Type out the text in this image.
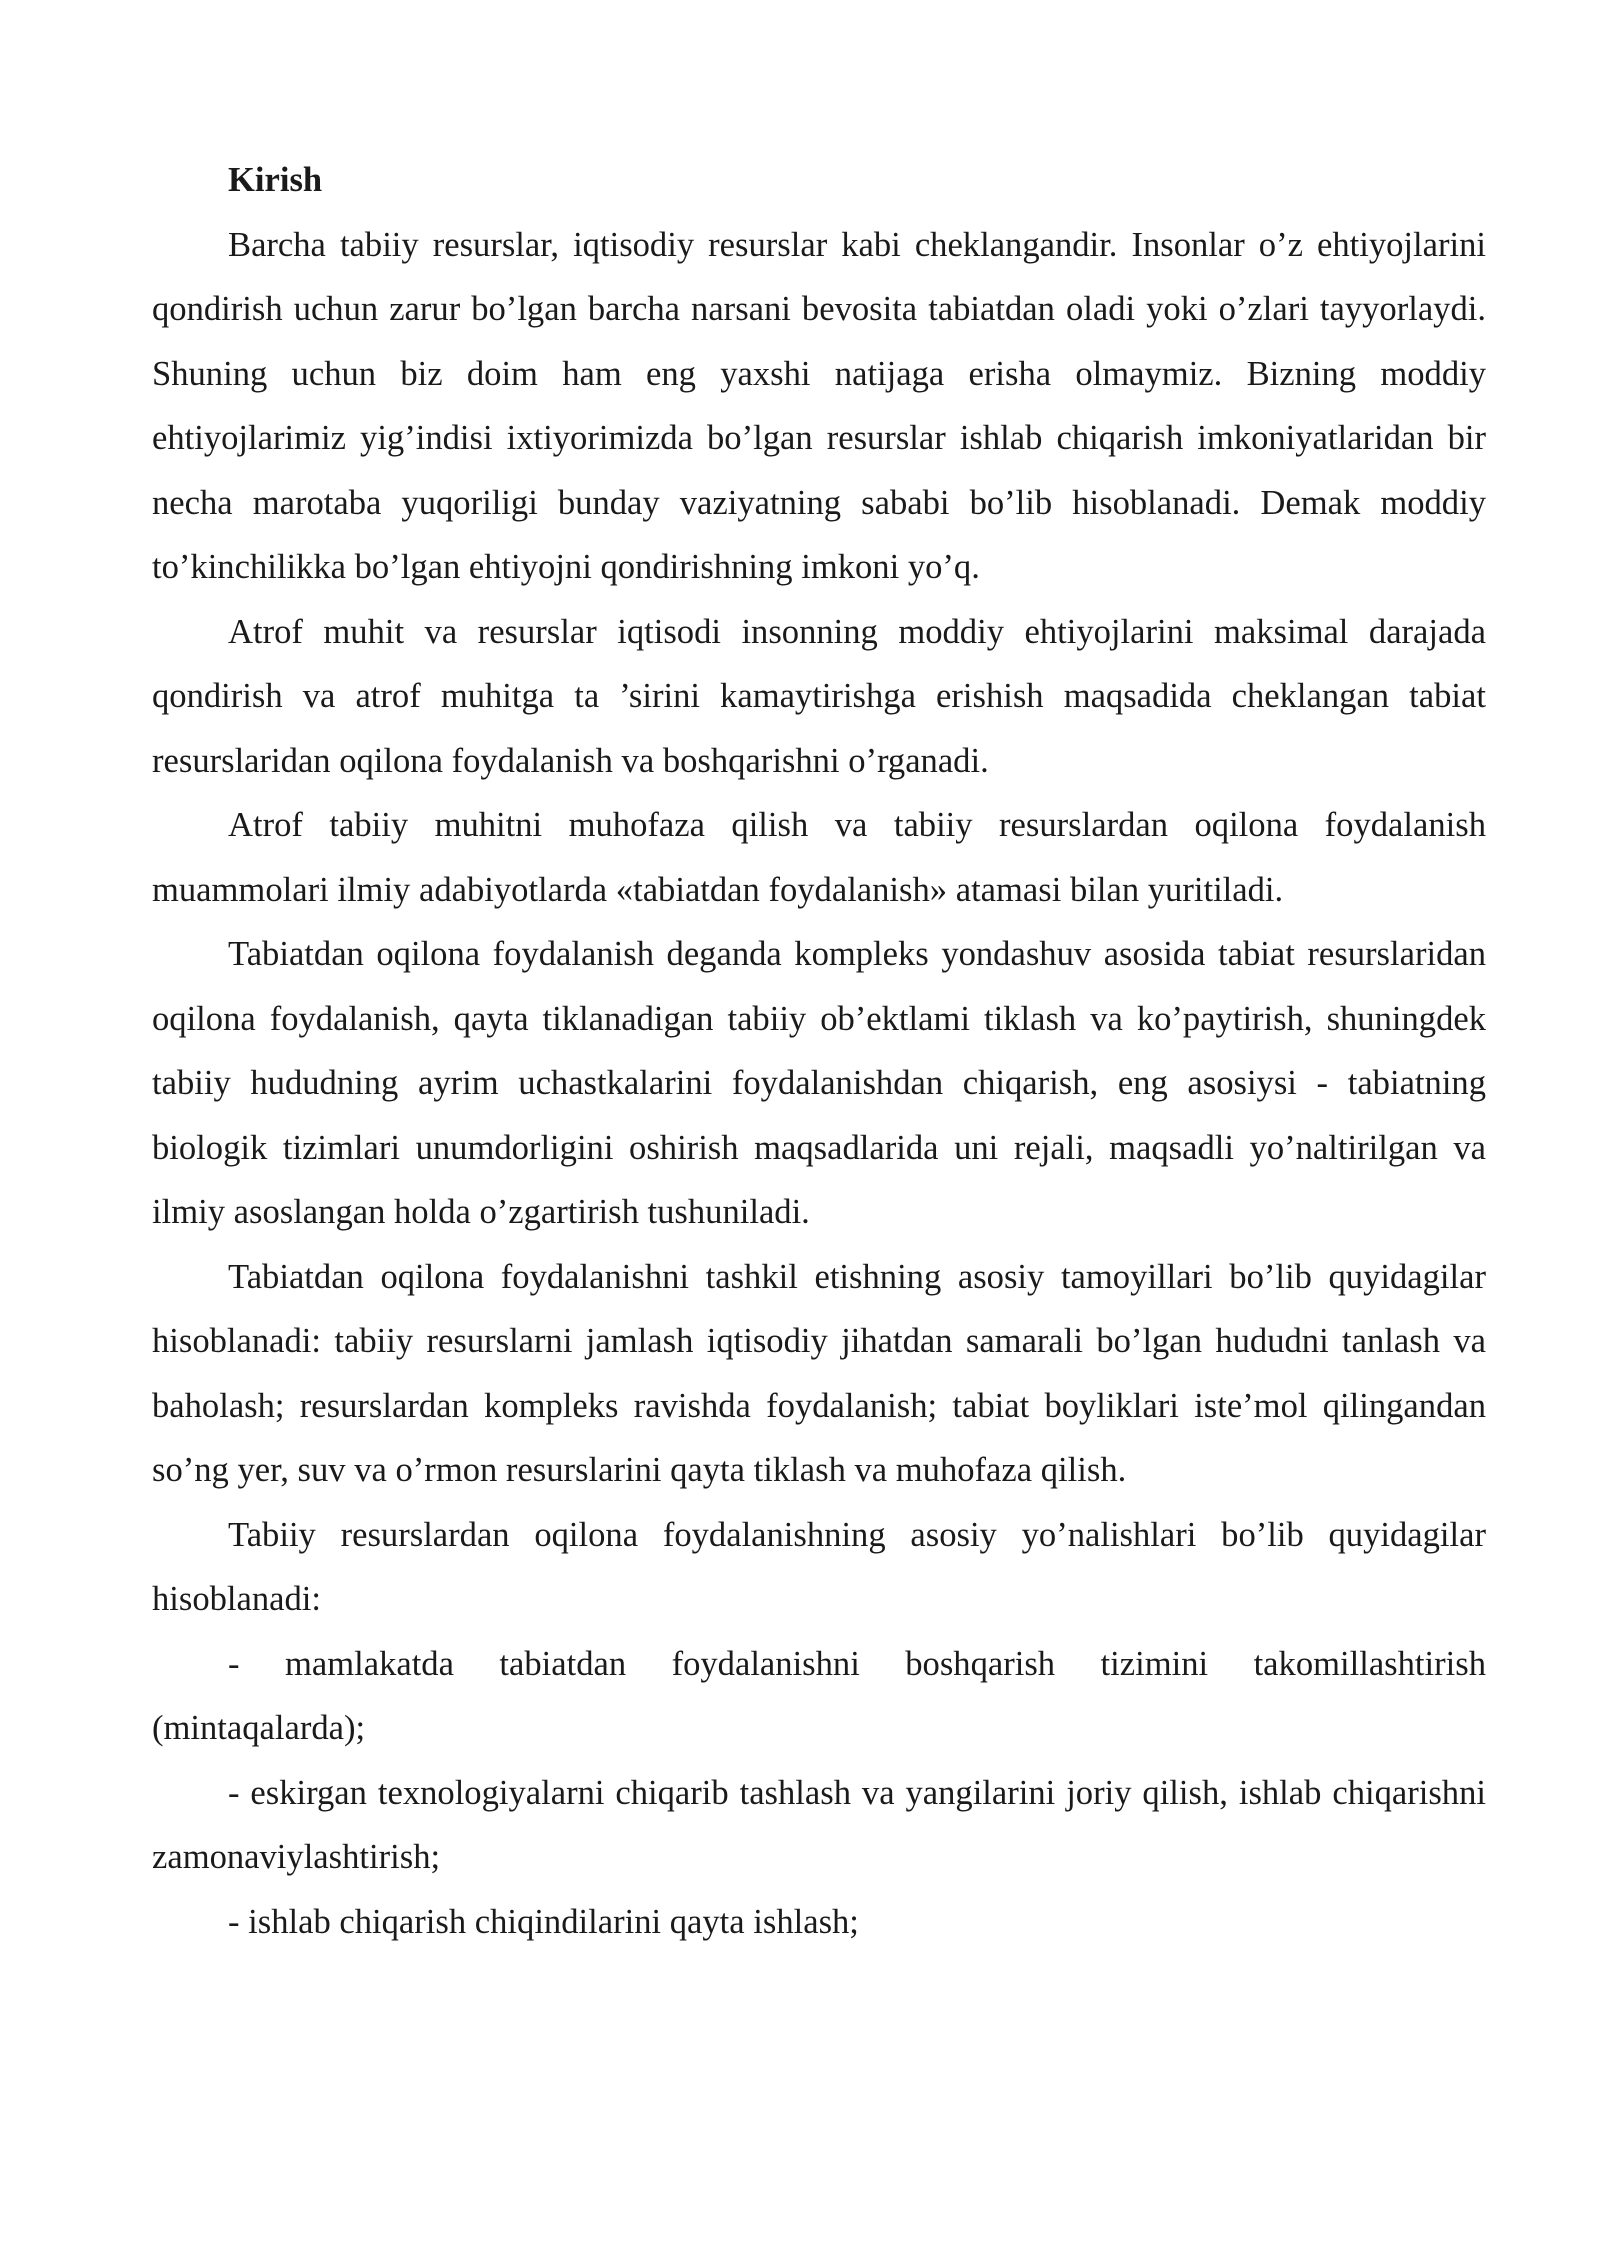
Kirish

Barcha tabiiy resurslar, iqtisodiy resurslar kabi cheklangandir. Insonlar o’z ehtiyojlarini qondirish uchun zarur bo’lgan barcha narsani bevosita tabiatdan oladi yoki o’zlari tayyorlaydi. Shuning uchun biz doim ham eng yaxshi natijaga erisha olmaymiz. Bizning moddiy ehtiyojlarimiz yig’indisi ixtiyorimizda bo’lgan resurslar ishlab chiqarish imkoniyatlaridan bir necha marotaba yuqoriligi bunday vaziyatning sababi bo’lib hisoblanadi. Demak moddiy to’kinchilikka bo’lgan ehtiyojni qondirishning imkoni yo’q.

Atrof muhit va resurslar iqtisodi insonning moddiy ehtiyojlarini maksimal darajada qondirish va atrof muhitga ta ’sirini kamaytirishga erishish maqsadida cheklangan tabiat resurslaridan oqilona foydalanish va boshqarishni o’rganadi.

Atrof tabiiy muhitni muhofaza qilish va tabiiy resurslardan oqilona foydalanish muammolari ilmiy adabiyotlarda «tabiatdan foydalanish» atamasi bilan yuritiladi.

Tabiatdan oqilona foydalanish deganda kompleks yondashuv asosida tabiat resurslaridan oqilona foydalanish, qayta tiklanadigan tabiiy ob’ektlami tiklash va ko’paytirish, shuningdek tabiiy hududning ayrim uchastkalarini foydalanishdan chiqarish, eng asosiysi - tabiatning biologik tizimlari unumdorligini oshirish maqsadlarida uni rejali, maqsadli yo’naltirilgan va ilmiy asoslangan holda o’zgartirish tushuniladi.

Tabiatdan oqilona foydalanishni tashkil etishning asosiy tamoyillari bo’lib quyidagilar hisoblanadi: tabiiy resurslarni jamlash iqtisodiy jihatdan samarali bo’lgan hududni tanlash va baholash; resurslardan kompleks ravishda foydalanish; tabiat boyliklari iste’mol qilingandan so’ng yer, suv va o’rmon resurslarini qayta tiklash va muhofaza qilish.

Tabiiy resurslardan oqilona foydalanishning asosiy yo’nalishlari bo’lib quyidagilar hisoblanadi:

- mamlakatda tabiatdan foydalanishni boshqarish tizimini takomillashtirish (mintaqalarda);

- eskirgan texnologiyalarni chiqarib tashlash va yangilarini joriy qilish, ishlab chiqarishni zamonaviylashtirish;

- ishlab chiqarish chiqindilarini qayta ishlash;
